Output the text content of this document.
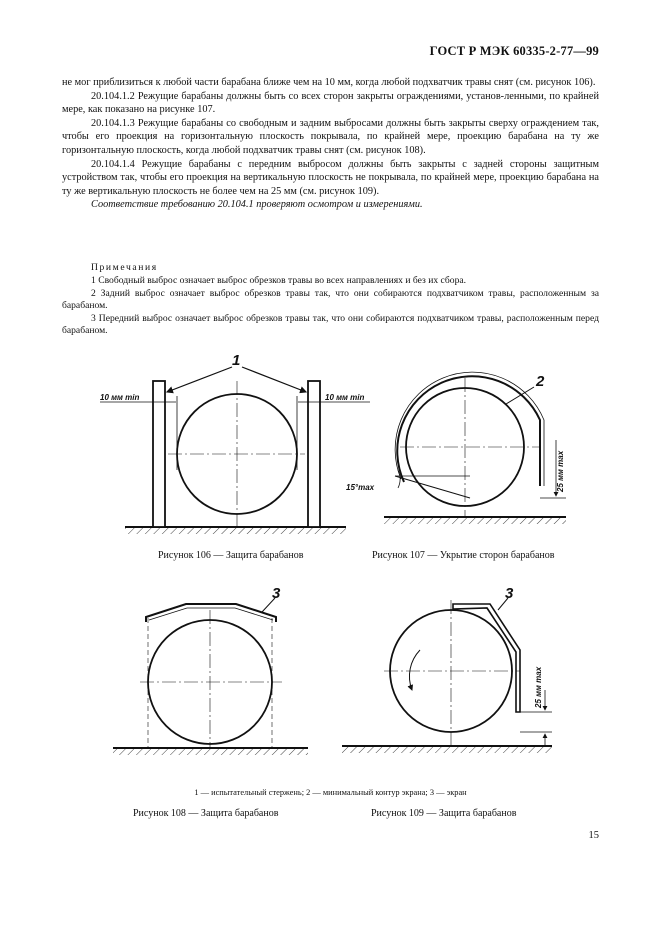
ГОСТ Р МЭК 60335-2-77—99

не мог приблизиться к любой части барабана ближе чем на 10 мм, когда любой подхватчик травы снят (см. рисунок 106).

20.104.1.2 Режущие барабаны должны быть со всех сторон закрыты ограждениями, установ-ленными, по крайней мере, как показано на рисунке 107.

20.104.1.3 Режущие барабаны со свободным и задним выбросами должны быть закрыты сверху ограждением так, чтобы его проекция на горизонтальную плоскость покрывала, по крайней мере, проекцию барабана на ту же горизонтальную плоскость, когда любой подхватчик травы снят (см. рисунок 108).

20.104.1.4 Режущие барабаны с передним выбросом должны быть закрыты с задней стороны защитным устройством так, чтобы его проекция на вертикальную плоскость не покрывала, по крайней мере, проекцию барабана на ту же вертикальную плоскость не более чем на 25 мм (см. рисунок 109).

Соответствие требованию 20.104.1 проверяют осмотром и измерениями.

Примечания

1 Свободный выброс означает выброс обрезков травы во всех направлениях и без их сбора.

2 Задний выброс означает выброс обрезков травы так, что они собираются подхватчиком травы, расположенным за барабаном.

3 Передний выброс означает выброс обрезков травы так, что они собираются подхватчиком травы, расположенным перед барабаном.

1
10 мм min	10 мм min
2
15°max	25 мм max
Рисунок 106 — Защита барабанов	Рисунок 107 — Укрытие сторон барабанов
3	3
25 мм max
1 — испытательный стержень; 2 — минимальный контур экрана; 3 — экран
Рисунок 108 — Защита барабанов	Рисунок 109 — Защита барабанов
15
